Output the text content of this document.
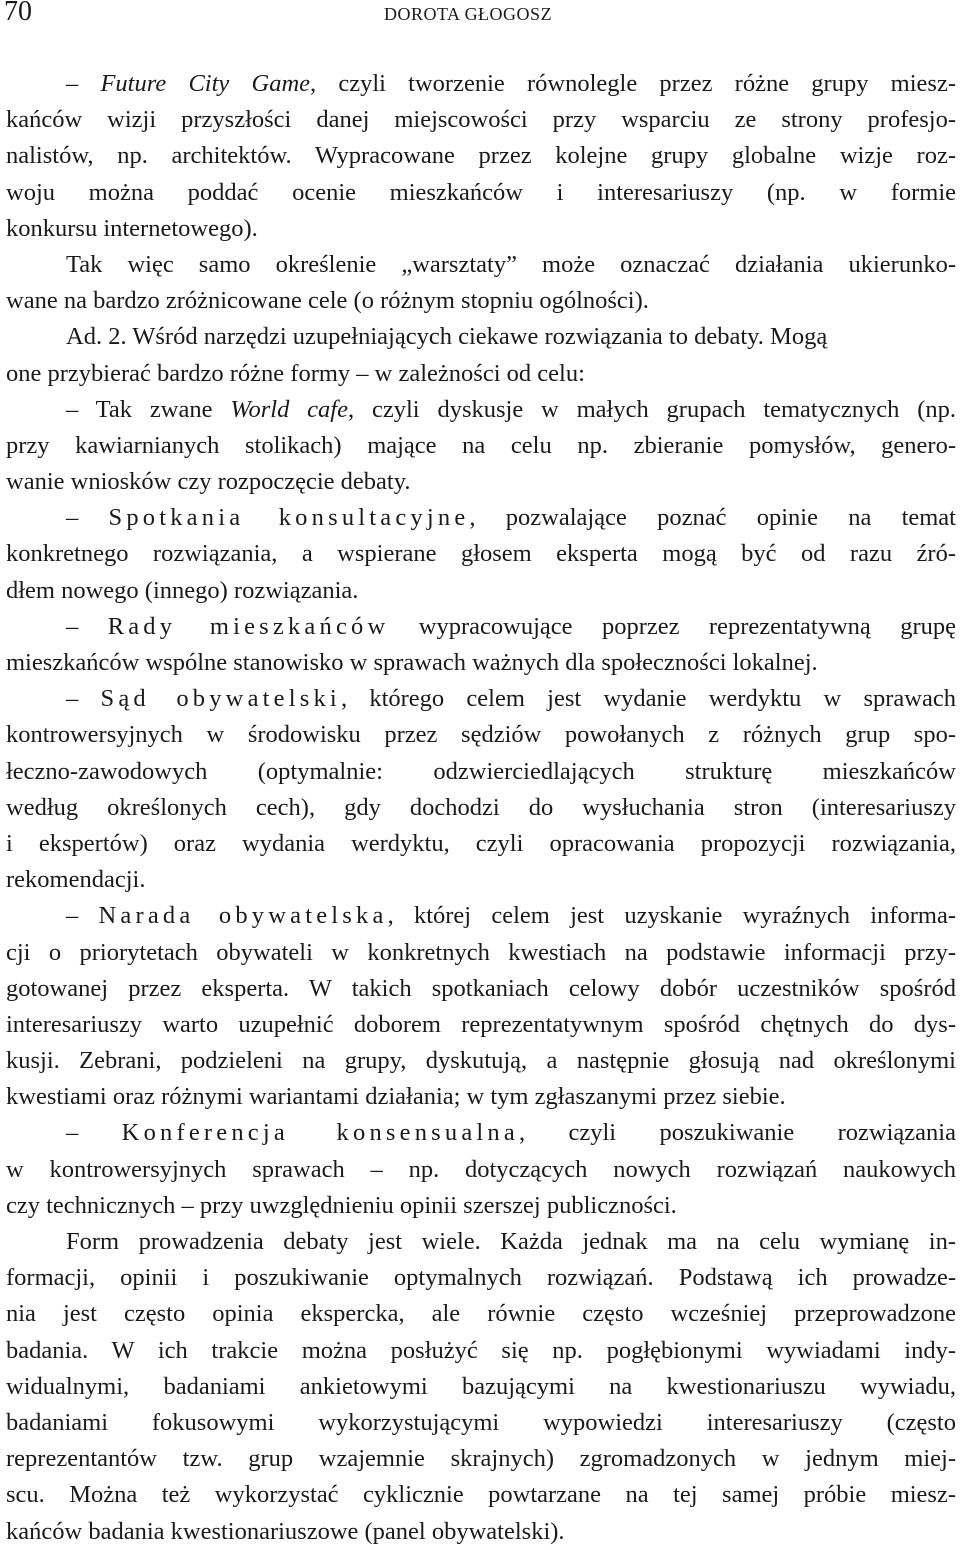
70	DOROTA GŁOGOSZ
– Future City Game, czyli tworzenie równolegle przez różne grupy miesz-
kańców wizji przyszłości danej miejscowości przy wsparciu ze strony profesjo-
nalistów, np. architektów. Wypracowane przez kolejne grupy globalne wizje roz-
woju można poddać ocenie mieszkańców i interesariuszy (np. w formie
konkursu internetowego).
Tak więc samo określenie „warsztaty” może oznaczać działania ukierunko-
wane na bardzo zróżnicowane cele (o różnym stopniu ogólności).
Ad. 2. Wśród narzędzi uzupełniających ciekawe rozwiązania to debaty. Mogą
one przybierać bardzo różne formy – w zależności od celu:
– Tak zwane World cafe, czyli dyskusje w małych grupach tematycznych (np.
przy kawiarnianych stolikach) mające na celu np. zbieranie pomysłów, genero-
wanie wniosków czy rozpoczęcie debaty.
– Spotkania konsultacyjne, pozwalające poznać opinie na temat
konkretnego rozwiązania, a wspierane głosem eksperta mogą być od razu źró-
dłem nowego (innego) rozwiązania.
– Rady mieszkańców wypracowujące poprzez reprezentatywną grupę
mieszkańców wspólne stanowisko w sprawach ważnych dla społeczności lokalnej.
– Sąd obywatelski, którego celem jest wydanie werdyktu w sprawach
kontrowersyjnych w środowisku przez sędziów powołanych z różnych grup spo-
łeczno-zawodowych (optymalnie: odzwierciedlających strukturę mieszkańców
według określonych cech), gdy dochodzi do wysłuchania stron (interesariuszy
i ekspertów) oraz wydania werdyktu, czyli opracowania propozycji rozwiązania,
rekomendacji.
– Narada obywatelska, której celem jest uzyskanie wyraźnych informa-
cji o priorytetach obywateli w konkretnych kwestiach na podstawie informacji przy-
gotowanej przez eksperta. W takich spotkaniach celowy dobór uczestników spośród
interesariuszy warto uzupełnić doborem reprezentatywnym spośród chętnych do dys-
kusji. Zebrani, podzieleni na grupy, dyskutują, a następnie głosują nad określonymi
kwestiami oraz różnymi wariantami działania; w tym zgłaszanymi przez siebie.
– Konferencja konsensualna, czyli poszukiwanie rozwiązania
w kontrowersyjnych sprawach – np. dotyczących nowych rozwiązań naukowych
czy technicznych – przy uwzględnieniu opinii szerszej publiczności.
Form prowadzenia debaty jest wiele. Każda jednak ma na celu wymianę in-
formacji, opinii i poszukiwanie optymalnych rozwiązań. Podstawą ich prowadze-
nia jest często opinia ekspercka, ale równie często wcześniej przeprowadzone
badania. W ich trakcie można posłużyć się np. pogłębionymi wywiadami indy-
widualnymi, badaniami ankietowymi bazującymi na kwestionariuszu wywiadu,
badaniami fokusowymi wykorzystującymi wypowiedzi interesariuszy (często
reprezentantów tzw. grup wzajemnie skrajnych) zgromadzonych w jednym miej-
scu. Można też wykorzystać cyklicznie powtarzane na tej samej próbie miesz-
kańców badania kwestionariuszowe (panel obywatelski).
